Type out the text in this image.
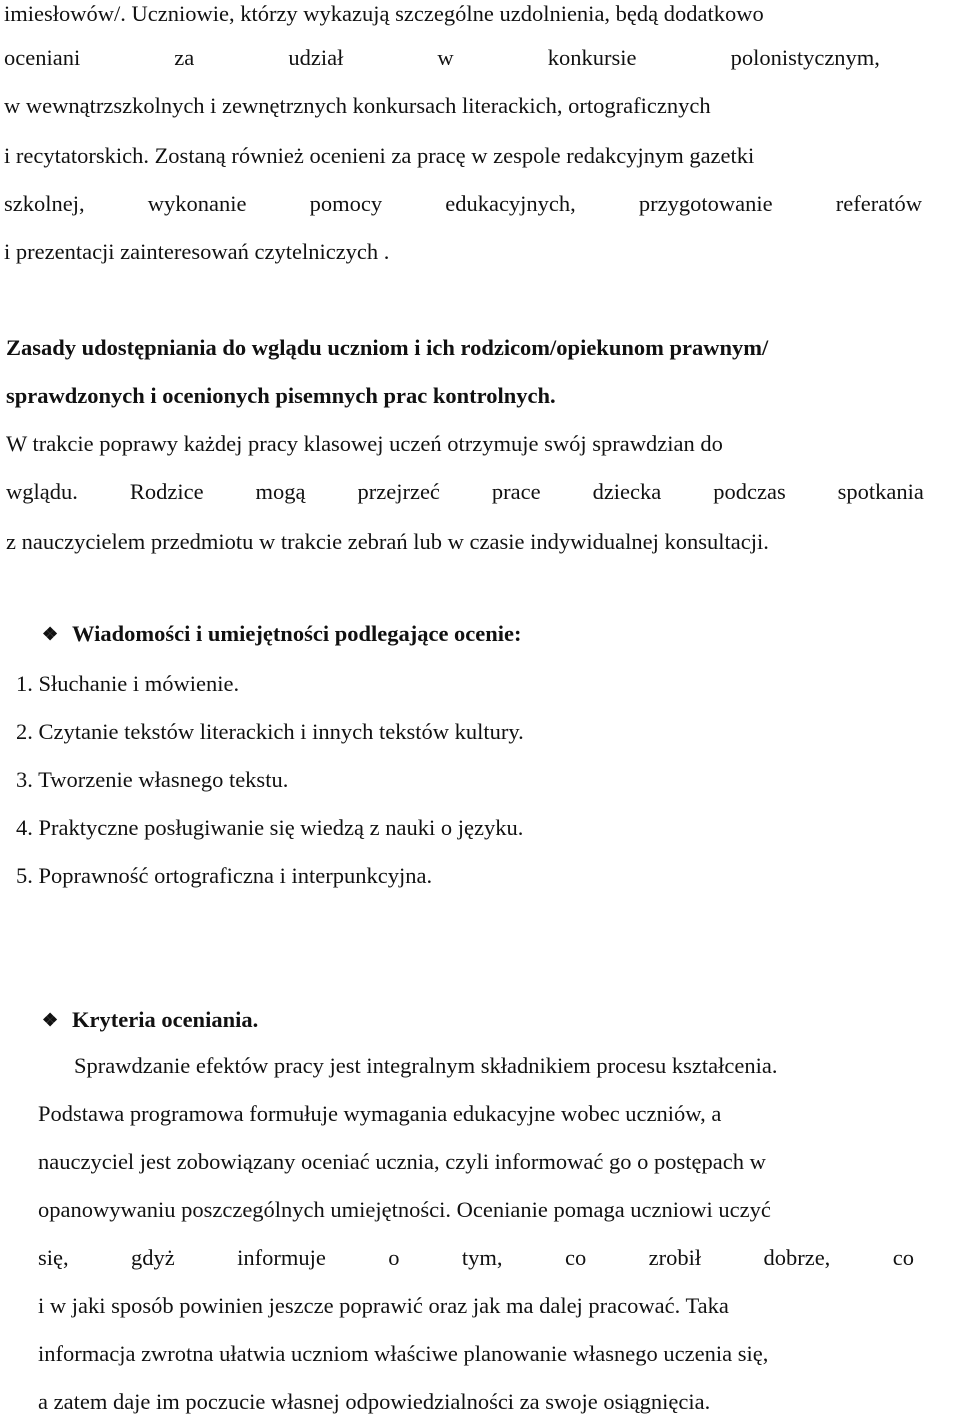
imiesłowów/. Uczniowie, którzy wykazują szczególne uzdolnienia, będą dodatkowo
oceniani	za	udział	w	konkursie	polonistycznym,
w wewnątrzszkolnych i zewnętrznych konkursach literackich, ortograficznych
i recytatorskich. Zostaną również ocenieni za pracę w zespole redakcyjnym gazetki
szkolnej,	wykonanie	pomocy	edukacyjnych,	przygotowanie	referatów
i prezentacji zainteresowań czytelniczych .
Zasady udostępniania do wglądu uczniom i ich rodzicom/opiekunom prawnym/
sprawdzonych i ocenionych pisemnych prac kontrolnych.
W trakcie poprawy każdej pracy klasowej uczeń otrzymuje swój sprawdzian do
wglądu. Rodzice mogą przejrzeć prace dziecka podczas spotkania
z nauczycielem przedmiotu w trakcie zebrań lub w czasie indywidualnej konsultacji.
❖ Wiadomości i umiejętności podlegające ocenie:
1. Słuchanie i mówienie.
2. Czytanie tekstów literackich i innych tekstów kultury.
3. Tworzenie własnego tekstu.
4. Praktyczne posługiwanie się wiedzą z nauki o języku.
5. Poprawność ortograficzna i interpunkcyjna.
❖ Kryteria oceniania.
Sprawdzanie efektów pracy jest integralnym składnikiem procesu kształcenia.
Podstawa programowa formułuje wymagania edukacyjne wobec uczniów, a
nauczyciel jest zobowiązany oceniać ucznia, czyli informować go o postępach w
opanowywaniu poszczególnych umiejętności. Ocenianie pomaga uczniowi uczyć
się,	gdyż	informuje	o	tym,	co	zrobił	dobrze,	co
i w jaki sposób powinien jeszcze poprawić oraz jak ma dalej pracować. Taka
informacja zwrotna ułatwia uczniom właściwe planowanie własnego uczenia się,
a zatem daje im poczucie własnej odpowiedzialności za swoje osiągnięcia.
